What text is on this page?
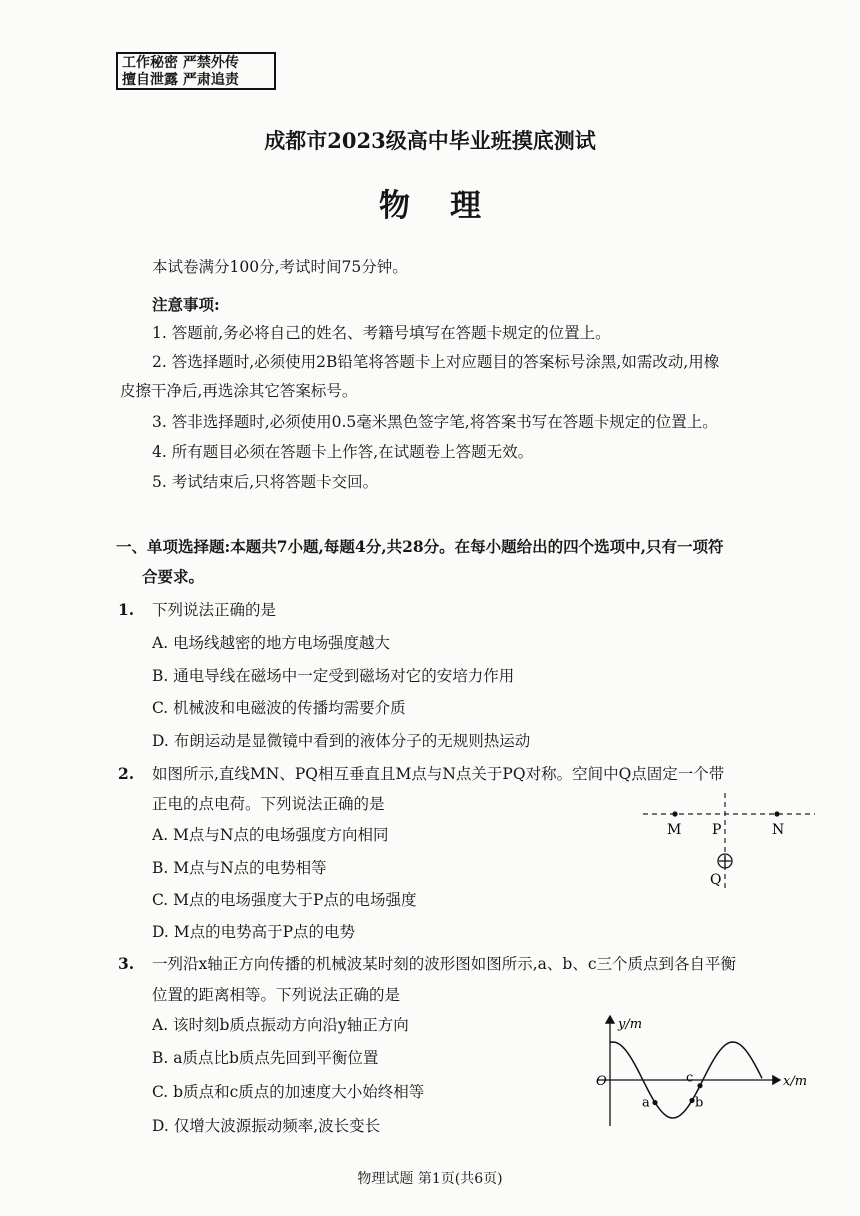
工作秘密 严禁外传
擅自泄露 严肃追责
成都市2023级高中毕业班摸底测试
物理
本试卷满分100分,考试时间75分钟。
注意事项:
1. 答题前,务必将自己的姓名、考籍号填写在答题卡规定的位置上。
2. 答选择题时,必须使用2B铅笔将答题卡上对应题目的答案标号涂黑,如需改动,用橡
皮擦干净后,再选涂其它答案标号。
3. 答非选择题时,必须使用0.5毫米黑色签字笔,将答案书写在答题卡规定的位置上。
4. 所有题目必须在答题卡上作答,在试题卷上答题无效。
5. 考试结束后,只将答题卡交回。
一、单项选择题:本题共7小题,每题4分,共28分。在每小题给出的四个选项中,只有一项符
合要求。
1. 下列说法正确的是
A. 电场线越密的地方电场强度越大
B. 通电导线在磁场中一定受到磁场对它的安培力作用
C. 机械波和电磁波的传播均需要介质
D. 布朗运动是显微镜中看到的液体分子的无规则热运动
2. 如图所示,直线MN、PQ相互垂直且M点与N点关于PQ对称。空间中Q点固定一个带
正电的点电荷。下列说法正确的是
A. M点与N点的电场强度方向相同
B. M点与N点的电势相等
C. M点的电场强度大于P点的电场强度
D. M点的电势高于P点的电势
M P	N
Q
3. 一列沿x轴正方向传播的机械波某时刻的波形图如图所示,a、b、c三个质点到各自平衡
位置的距离相等。下列说法正确的是
A. 该时刻b质点振动方向沿y轴正方向
B. a质点比b质点先回到平衡位置
C. b质点和c质点的加速度大小始终相等
D. 仅增大波源振动频率,波长变长
y/m
x/m
O
a	b
c
物理试题 第1页(共6页)
